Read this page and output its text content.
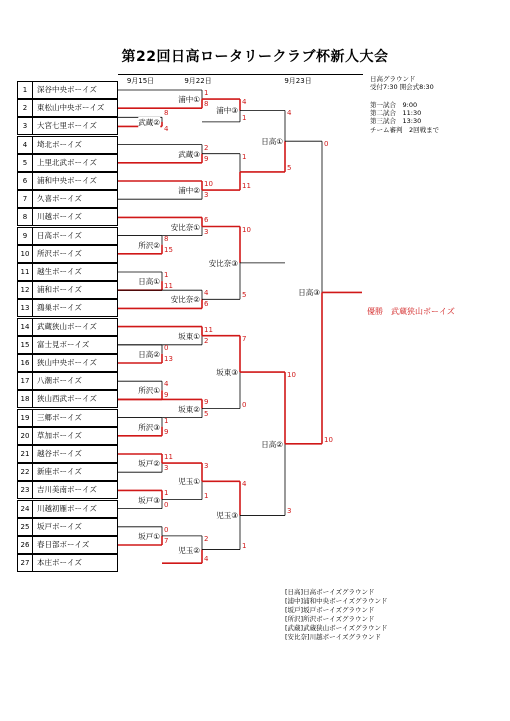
第22回日高ロータリークラブ杯新人大会
9月15日	9月22日	9月23日	日高グラウンド
受付7:30 開会式8:30
第一試合　9:00
第二試合　11:30
第三試合　13:30
チーム審判　2回戦まで
1	深谷中央ボーイズ
2	東松山中央ボーイズ
3	大宮七里ボーイズ
4	埼北ボーイズ
5	上里北武ボーイズ
6	浦和中央ボーイズ
7	久喜ボーイズ
8	川越ボーイズ
9	日高ボーイズ
10	所沢ボーイズ
11	越生ボーイズ
12	浦和ボーイズ
13	鴻巣ボーイズ
14	武蔵狭山ボーイズ
15	富士見ボーイズ
16	狭山中央ボーイズ
17	八潮ボーイズ
18	狭山西武ボーイズ
19	三郷ボーイズ
20	草加ボーイズ
21	越谷ボーイズ
22	新座ボーイズ
23	吉川美南ボーイズ
24	川越初雁ボーイズ
25	坂戸ボーイズ
26	春日部ボーイズ
27	本庄ボーイズ
1
8
浦中①
4
8
武蔵②
2
9
武蔵③
10
3
浦中②
4
1
浦中③
1
11
4
5
日高①
6
3
安比奈①
8
15
所沢②
1
11
日高①
4
6
安比奈②
10
5
安比奈③
11
2
坂東①
0
13
日高②
4
9
所沢①
9
5
坂東②
1
9
所沢③
7
0
坂東③
11
3
坂戸②
1
0
坂戸③
3
1
児玉①
0
7
坂戸①	2
4
児玉②
4
1
児玉③
10
3
日高②
0
10
日高③
優勝　武蔵狭山ボーイズ
[日高]日高ボーイズグラウンド
[浦中]浦和中央ボーイズグラウンド
[坂戸]坂戸ボーイズグラウンド
[所沢]所沢ボーイズグラウンド
[武蔵]武蔵狭山ボーイズグラウンド
[安比奈]川越ボーイズグラウンド
